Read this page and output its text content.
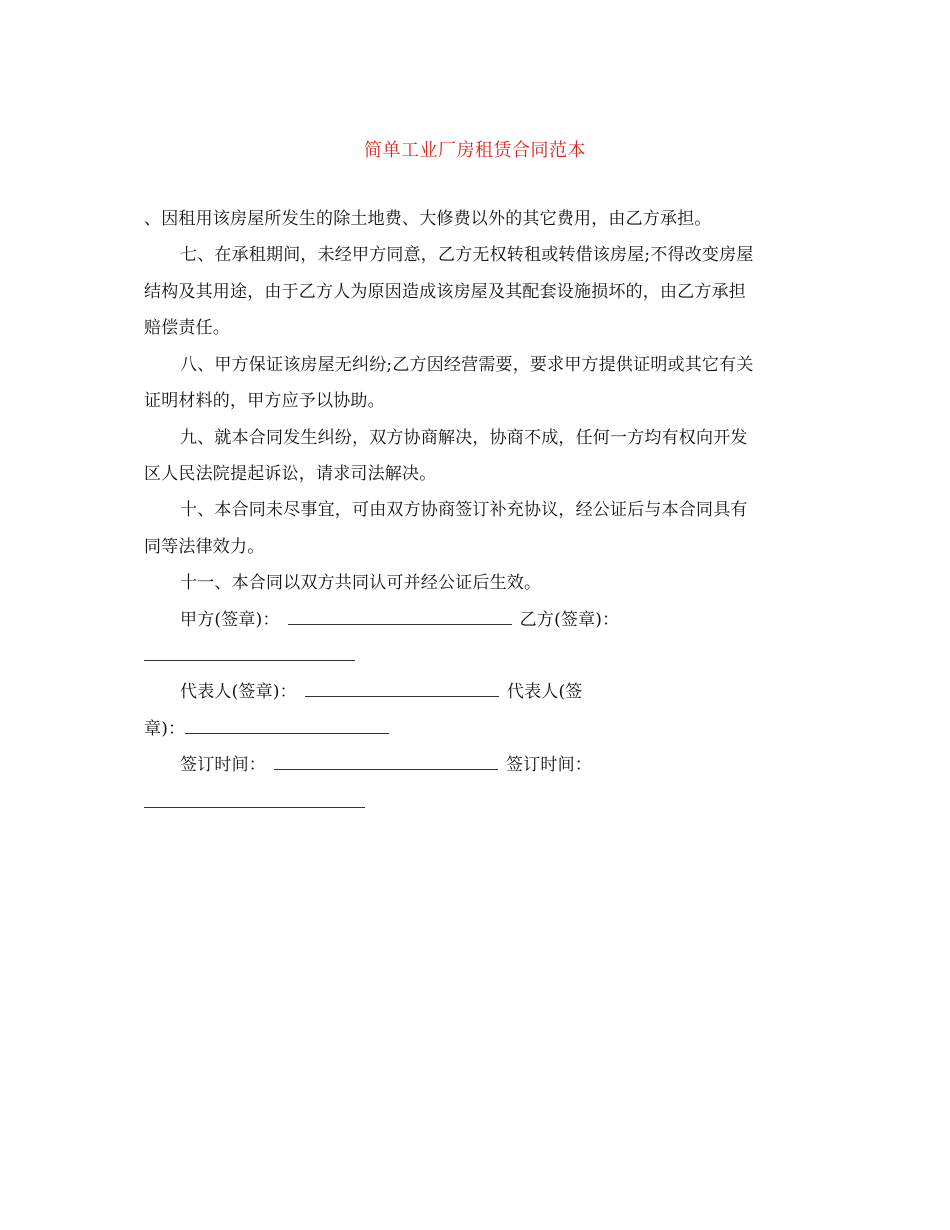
简单工业厂房租赁合同范本
、因租用该房屋所发生的除土地费、大修费以外的其它费用，由乙方承担。
七、在承租期间，未经甲方同意，乙方无权转租或转借该房屋;不得改变房屋
结构及其用途，由于乙方人为原因造成该房屋及其配套设施损坏的，由乙方承担
赔偿责任。
八、甲方保证该房屋无纠纷;乙方因经营需要，要求甲方提供证明或其它有关
证明材料的，甲方应予以协助。
九、就本合同发生纠纷，双方协商解决，协商不成，任何一方均有权向开发
区人民法院提起诉讼，请求司法解决。
十、本合同未尽事宜，可由双方协商签订补充协议，经公证后与本合同具有
同等法律效力。
十一、本合同以双方共同认可并经公证后生效。
甲方(签章)：	乙方(签章)：
代表人(签章)：	代表人(签
章)：
签订时间：	签订时间：
